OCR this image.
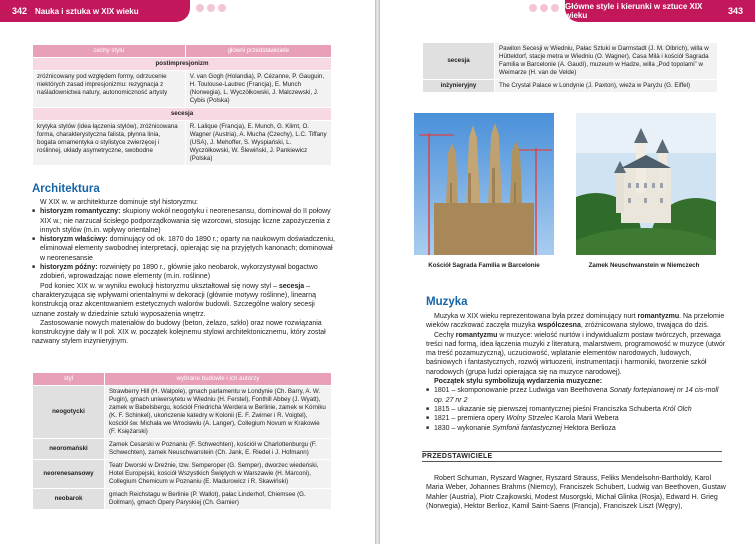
342 Nauka i sztuka w XIX wieku
cechy stylu	główni przedstawiciele
postimpresjonizm	
zróżnicowany pod względem formy, odrzucenie niektórych zasad impresjonizmu: rezygnacja z naśladownictwa natury, autonomiczność artysty	V. van Gogh (Holandia), P. Cézanne, P. Gauguin, H. Toulouse-Lautrec (Francja), E. Munch (Norwegia), L. Wyczółkowski, J. Malczewski, J. Cybis (Polska)
secesja	
krytyka stylów (idea łączenia stylów), zróżnicowana forma, charakterystyczna falista, płynna linia, bogata ornamentyka o stylistyce zwierzęcej i roślinnej, układy asymetryczne, swobodne	R. Lalique (Francja), E. Munch, G. Klimt, O. Wagner (Austria), A. Mucha (Czechy), L.C. Tiffany (USA), J. Mehoffer, S. Wyspiański, L. Wyczółkowski, W. Ślewiński, J. Pankiewicz (Polska)
Architektura

W XIX w. w architekturze dominuje styl historyzmu:

■ historyzm romantyczny: skupiony wokół neogotyku i neorenesansu, dominował do II połowy XIX w.; nie narzucał ścisłego podporządkowania się wzorcowi, stosując liczne zapożyczenia z innych stylów (m.in. wpływy orientalne)
■ historyzm właściwy: dominujący od ok. 1870 do 1890 r.; oparty na naukowym doświadczeniu, eliminował elementy swobodnej interpretacji, opierając się na przyjętych kanonach; dominował w neorenesansie
■ historyzm późny: rozwinięty po 1890 r., głównie jako neobarok, wykorzystywał bogactwo zdobień, wprowadzając nowe elementy (m.in. roślinne)

Pod koniec XIX w. w wyniku ewolucji historyzmu ukształtował się nowy styl – secesja – charakteryzująca się wpływami orientalnymi w dekoracji (głównie motywy roślinne), linearną konstrukcją oraz akcentowaniem estetycznych walorów budowli. Szczególne walory secesji uznane zostały w dziedzinie sztuki wyposażenia wnętrz.

Zastosowanie nowych materiałów do budowy (beton, żelazo, szkło) oraz nowe rozwiązania konstrukcyjne dały w II poł. XIX w. początek kolejnemu stylowi architektonicznemu, który został nazwany stylem inżynieryjnym.

styl	wybrane budowle i ich autorzy
neogotycki	Strawberry Hill (H. Walpole), gmach parlamentu w Londynie (Ch. Barry, A. W. Pugin), gmach uniwersytetu w Wiedniu (H. Ferstel), Fonthill Abbey (J. Wyatt), zamek w Babelsbergu, kościół Friedricha Werdera w Berlinie, zamek w Kórniku (K. F. Schinkel), ukończenie katedry w Kolonii (E. F. Zwirner i R. Voigtel), kościół św. Michała we Wrocławiu (A. Langer), Collegium Novum w Krakowie (F. Księżarski)
neoromański	Zamek Cesarski w Poznaniu (F. Schwechten), kościół w Charlottenburgu (F. Schwechten), zamek Neuschwanstein (Ch. Jank, E. Riedel i J. Hofmann)
neorenesansowy	Teatr Dworski w Dreźnie, tzw. Semperoper (G. Semper), dworzec wiedeński, Hotel Europejski, kościół Wszystkich Świętych w Warszawie (H. Marconi), Collegium Chemicum w Poznaniu (E. Madurowicz i R. Skawiński)
neobarok	gmach Reichstagu w Berlinie (P. Wallot), pałac Linderhof, Chiemsee (G. Dollman), gmach Opery Paryskiej (Ch. Garnier)
Główne style i kierunki w sztuce XIX wieku	343
secesja	Pawilon Secesji w Wiedniu, Pałac Sztuki w Darmstadt (J. M. Olbrich), willa w Hütteldorf, stacje metra w Wiedniu (O. Wagner), Casa Milà i kościół Sagrada Familia w Barcelonie (A. Gaudí), muzeum w Hadze, willa „Pod topolami” w Weimarze (H. van de Velde)
inżynieryjny	The Crystal Palace w Londynie (J. Paxton), wieża w Paryżu (G. Eiffel)
Kościół Sagrada Familia w Barcelonie	Zamek Neuschwanstein w Niemczech
Muzyka

Muzyka w XIX wieku reprezentowana była przez dominujący nurt romantyzmu. Na przełomie wieków raczkować zaczęła muzyka wspólczesna, zróżnicowana stylowo, trwająca do dziś.

Cechy romantyzmu w muzyce: wielość nurtów i indywidualizm postaw twórczych, przewaga treści nad formą, idea łączenia muzyki z literaturą, malarstwem, programowość w muzyce (utwór ma treść pozamuzyczną), uczuciowość, wplatanie elementów narodowych, ludowych, baśniowych i fantastycznych, rozwój wirtuozerii, instrumentacji i harmoniki, tworzenie szkół narodowych (grupa ludzi opierająca się na muzyce narodowej).

Początek stylu symbolizują wydarzenia muzyczne:

■ 1801 – skomponowanie przez Ludwiga van Beethovena Sonaty fortepianowej nr 14 cis-moll op. 27 nr 2
■ 1815 – ukazanie się pierwszej romantycznej pieśni Franciszka Schuberta Król Olch
■ 1821 – premiera opery Wolny Strzelec Karola Marii Webera
■ 1830 – wykonanie Symfonii fantastycznej Hektora Berlioza
PRZEDSTAWICIELE

Robert Schuman, Ryszard Wagner, Ryszard Strauss, Feliks Mendelsohn-Bartholdy, Karol Maria Weber, Johannes Brahms (Niemcy), Franciszek Schubert, Ludwig van Beethoven, Gustaw Mahler (Austria), Piotr Czajkowski, Modest Musorgski, Michał Glinka (Rosja), Edward H. Grieg (Norwegia), Hektor Berlioz, Kamil Saint-Saens (Francja), Franciszek Liszt (Węgry),
